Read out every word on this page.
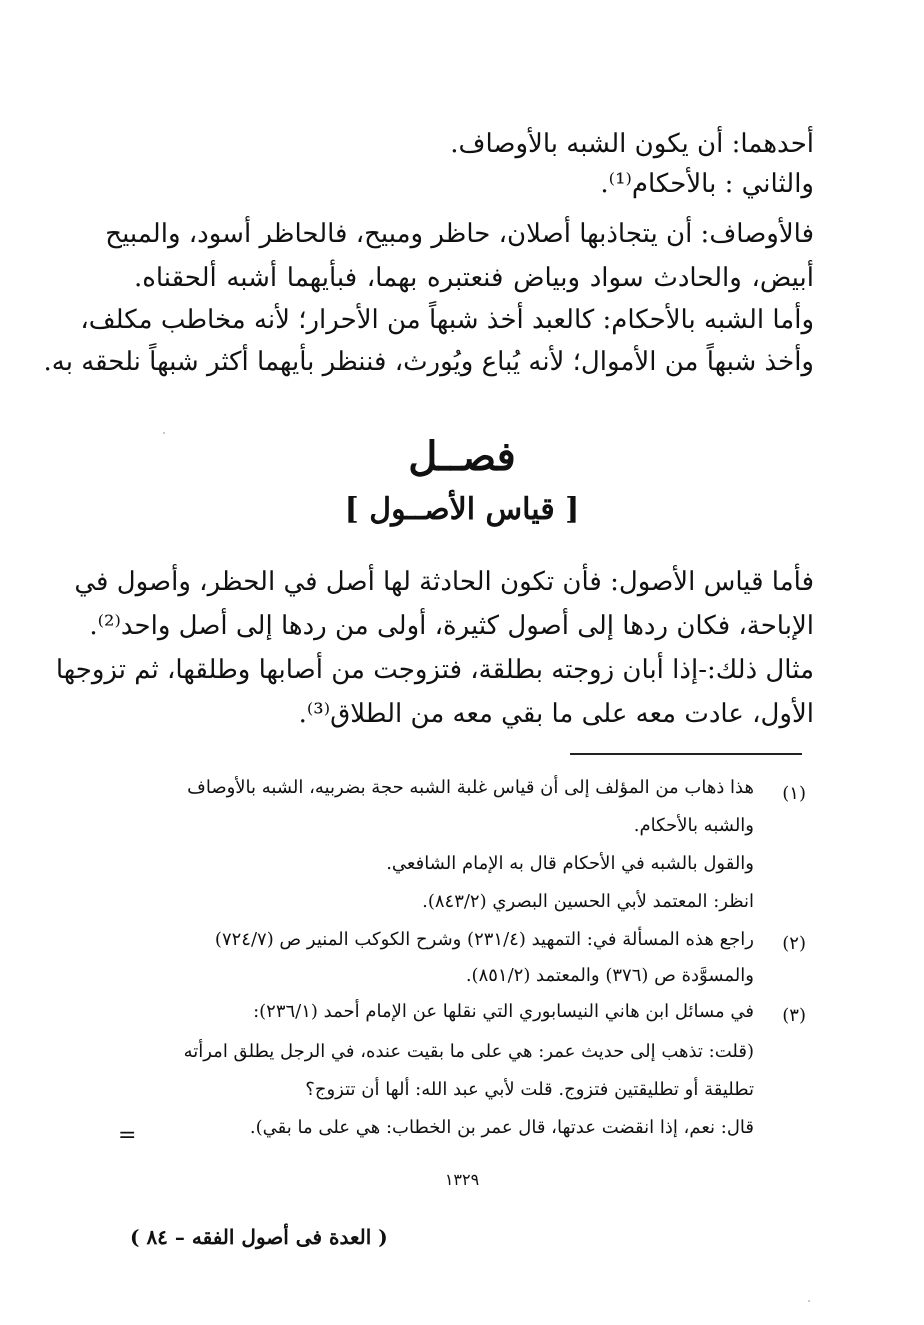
أحدهما: أن يكون الشبه بالأوصاف.
والثاني : بالأحكام⁽¹⁾.
فالأوصاف: أن يتجاذبها أصلان، حاظر ومبيح، فالحاظر أسود، والمبيح
أبيض، والحادث سواد وبياض فنعتبره بهما، فبأيهما أشبه ألحقناه.
وأما الشبه بالأحكام: كالعبد أخذ شبهاً من الأحرار؛ لأنه مخاطب مكلف،
وأخذ شبهاً من الأموال؛ لأنه يُباع ويُورث، فننظر بأيهما أكثر شبهاً نلحقه به.
فصــل
[ قياس الأصــول ]
فأما قياس الأصول: فأن تكون الحادثة لها أصل في الحظر، وأصول في
الإباحة، فكان ردها إلى أصول كثيرة، أولى من ردها إلى أصل واحد⁽²⁾.
مثال ذلك:-إذا أبان زوجته بطلقة، فتزوجت من أصابها وطلقها، ثم تزوجها
الأول، عادت معه على ما بقي معه من الطلاق⁽³⁾.
(١)
هذا ذهاب من المؤلف إلى أن قياس غلبة الشبه حجة بضربيه، الشبه بالأوصاف
والشبه بالأحكام.
والقول بالشبه في الأحكام قال به الإمام الشافعي.
انظر: المعتمد لأبي الحسين البصري (٨٤٣/٢).
(٢)
راجع هذه المسألة في: التمهيد (٢٣١/٤) وشرح الكوكب المنير ص (٧٢٤/٧)
والمسوَّدة ص (٣٧٦) والمعتمد (٨٥١/٢).
(٣)
في مسائل ابن هاني النيسابوري التي نقلها عن الإمام أحمد (٢٣٦/١):
(قلت: تذهب إلى حديث عمر: هي على ما بقيت عنده، في الرجل يطلق امرأته
تطليقة أو تطليقتين فتزوج. قلت لأبي عبد الله: ألها أن تتزوج؟
قال: نعم، إذا انقضت عدتها، قال عمر بن الخطاب: هي على ما بقي).
=
١٣٢٩
( العدة فى أصول الفقه – ٨٤ )
